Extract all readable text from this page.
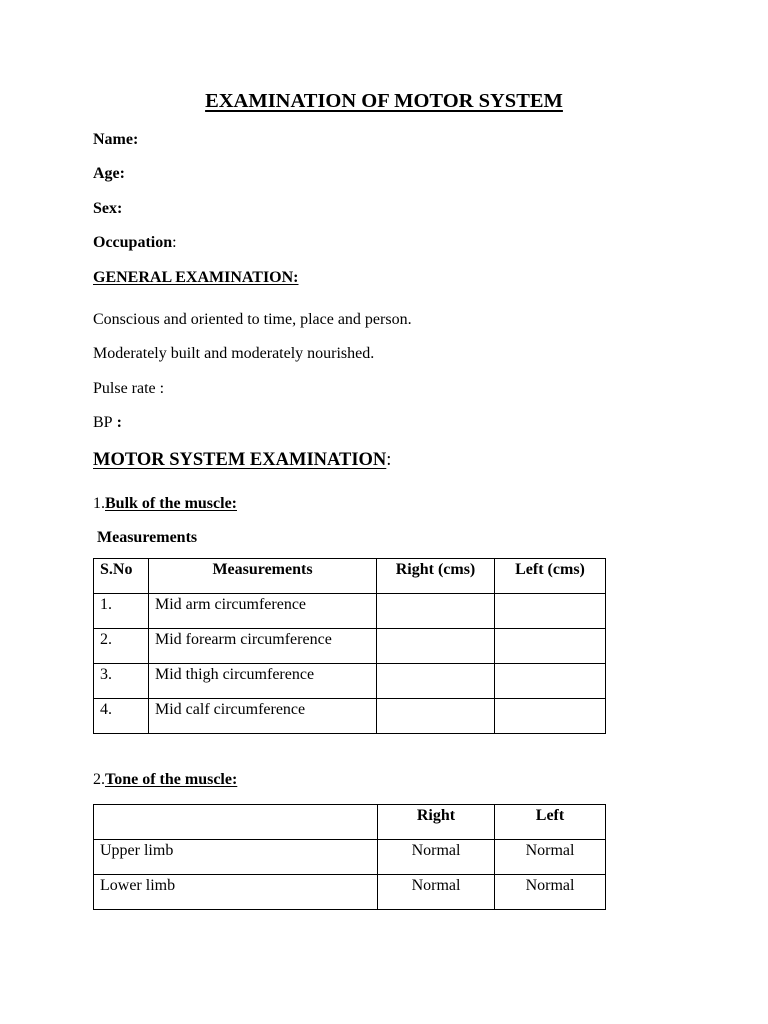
EXAMINATION OF MOTOR SYSTEM
Name:
Age:
Sex:
Occupation:
GENERAL EXAMINATION:
Conscious and oriented to time, place and person.
Moderately built and moderately nourished.
Pulse rate :
BP :
MOTOR SYSTEM EXAMINATION:
1.Bulk of the muscle:
Measurements
S.No	Measurements	Right (cms)	Left (cms)

1.	Mid arm circumference		

2.	Mid forearm circumference		

3.	Mid thigh circumference		

4.	Mid calf circumference		

2.Tone of the muscle:

	Right	Left

Upper limb	Normal	Normal

Lower limb	Normal	Normal
